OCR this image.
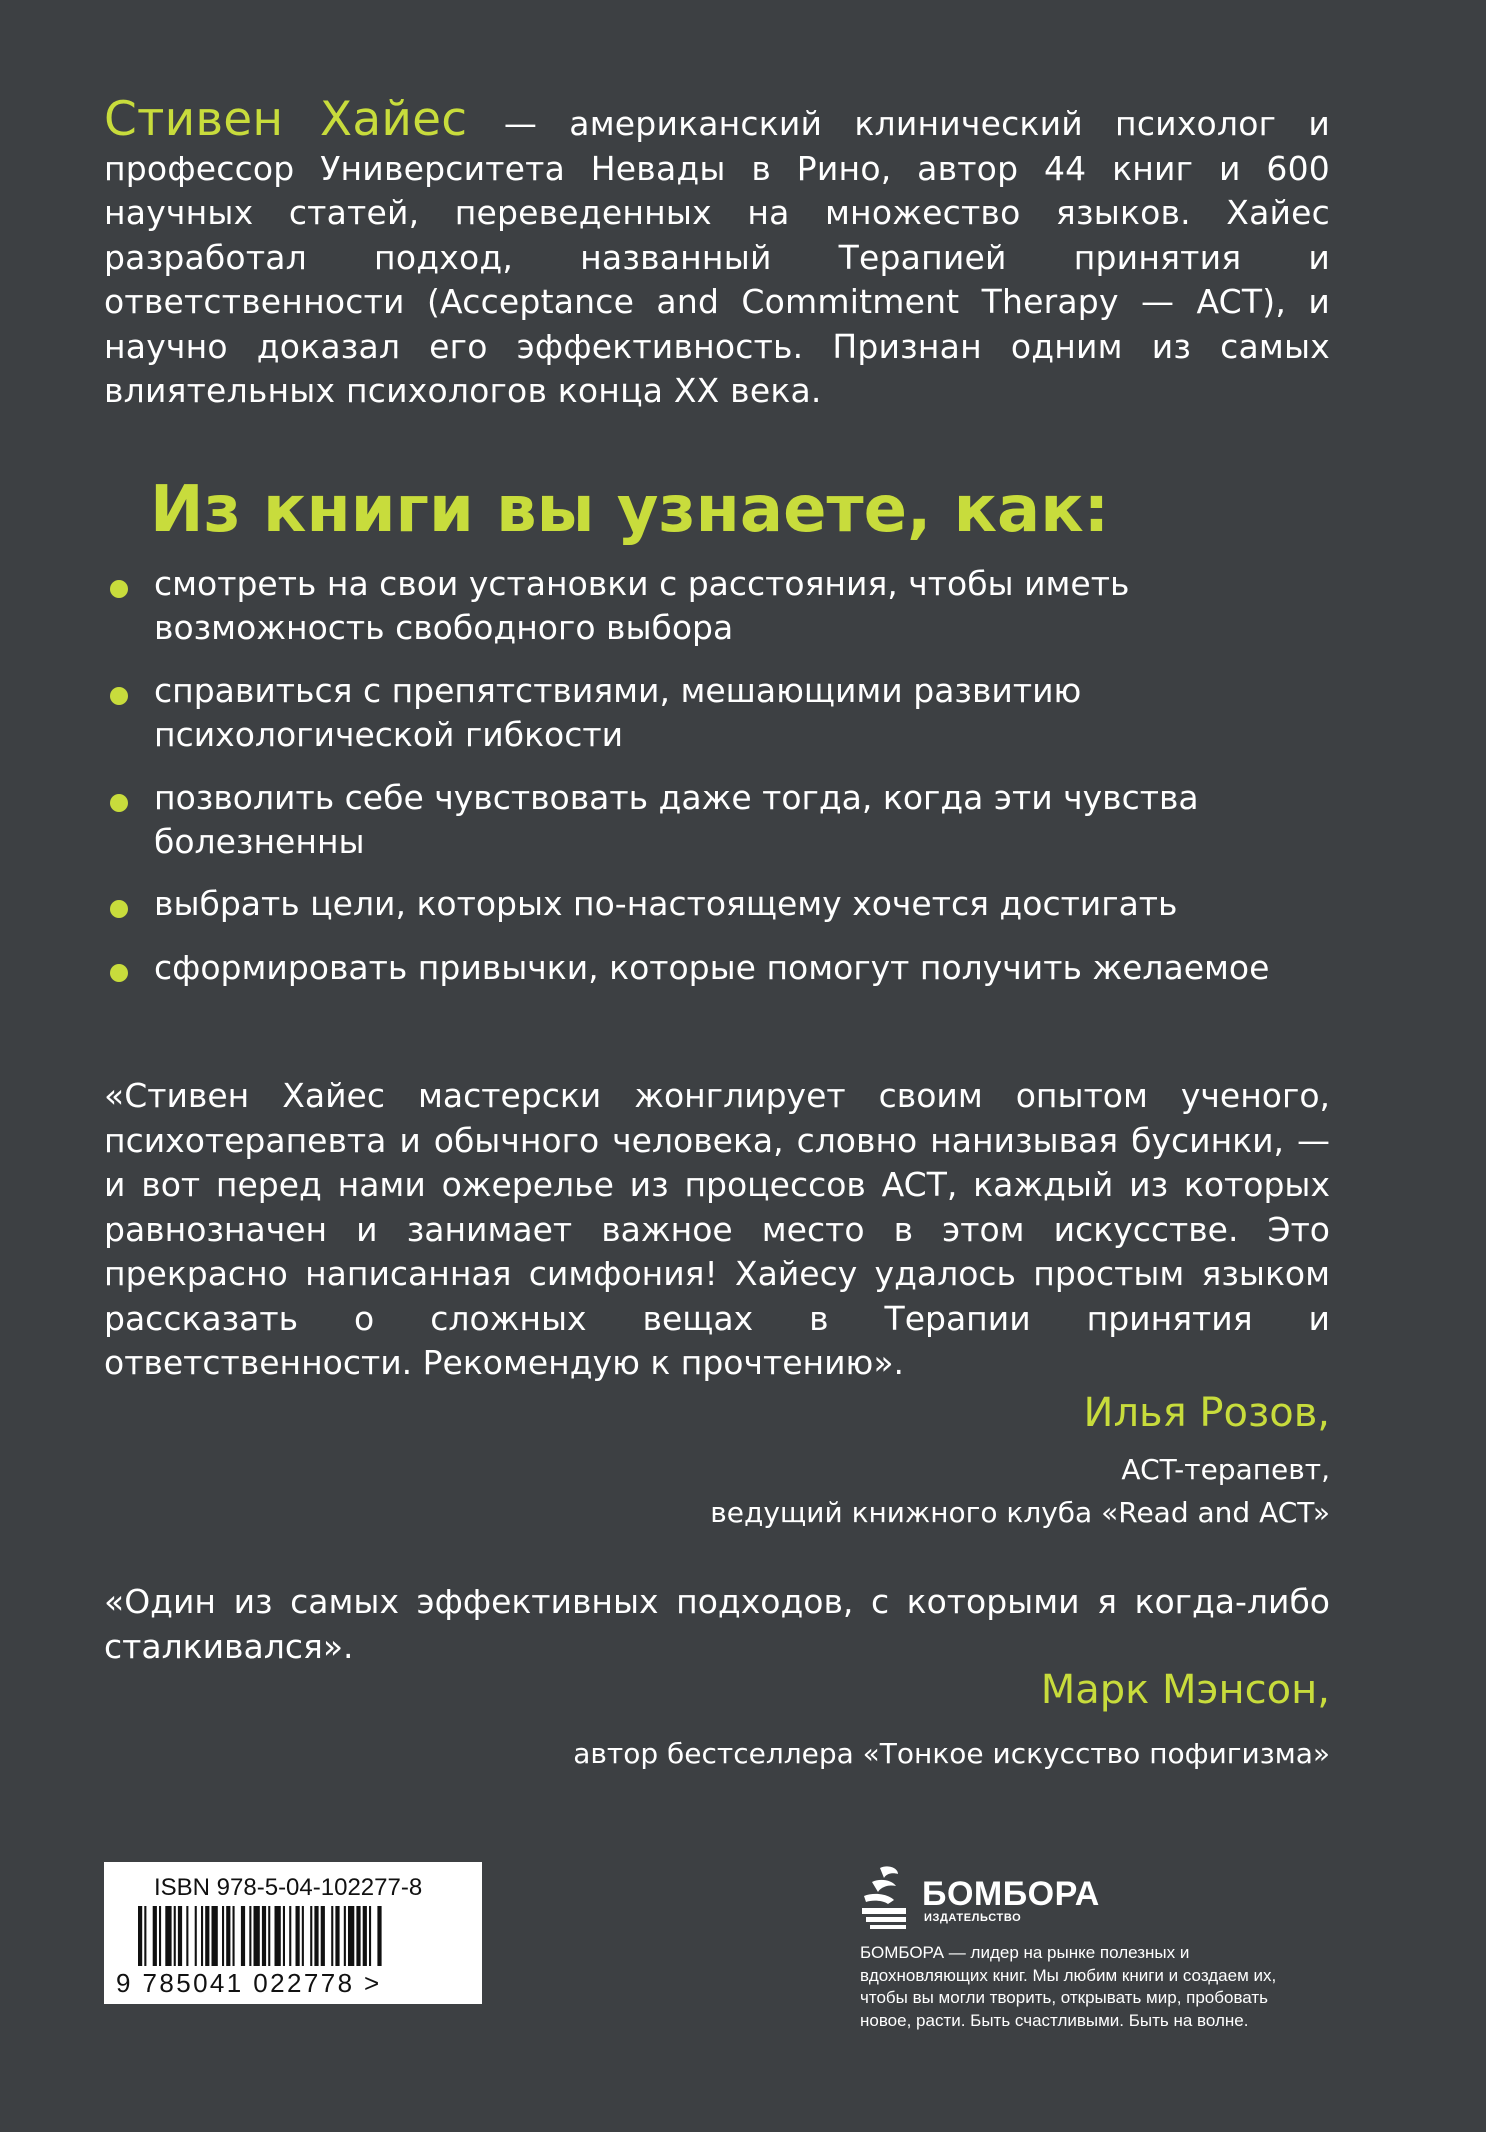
Стивен Хайес — американский клинический психолог и профессор Университета Невады в Рино, автор 44 книг и 600 научных статей, переведенных на множество языков. Хайес разработал подход, названный Терапией принятия и ответственности (Acceptance and Commitment Therapy — ACT), и научно доказал его эффективность. Признан одним из самых влиятельных психологов конца XX века.
Из книги вы узнаете, как:
смотреть на свои установки с расстояния, чтобы иметь возможность свободного выбора
справиться с препятствиями, мешающими развитию психологической гибкости
позволить себе чувствовать даже тогда, когда эти чувства болезненны
выбрать цели, которых по-настоящему хочется достигать
сформировать привычки, которые помогут получить желаемое
«Стивен Хайес мастерски жонглирует своим опытом ученого, психотерапевта и обычного человека, словно нанизывая бусинки, — и вот перед нами ожерелье из процессов ACT, каждый из которых равнозначен и занимает важное место в этом искусстве. Это прекрасно написанная симфония! Хайесу удалось простым языком рассказать о сложных вещах в Терапии принятия и ответственности. Рекомендую к прочтению».
Илья Розов,
ACT-терапевт,
ведущий книжного клуба «Read and ACT»
«Один из самых эффективных подходов, с которыми я когда-либо сталкивался».
Марк Мэнсон,
автор бестселлера «Тонкое искусство пофигизма»
ISBN 978-5-04-102277-8
9 785041 022778 >
БОМБОРА
ИЗДАТЕЛЬСТВО
БОМБОРА — лидер на рынке полезных и вдохновляющих книг. Мы любим книги и создаем их, чтобы вы могли творить, открывать мир, пробовать новое, расти. Быть счастливыми. Быть на волне.
